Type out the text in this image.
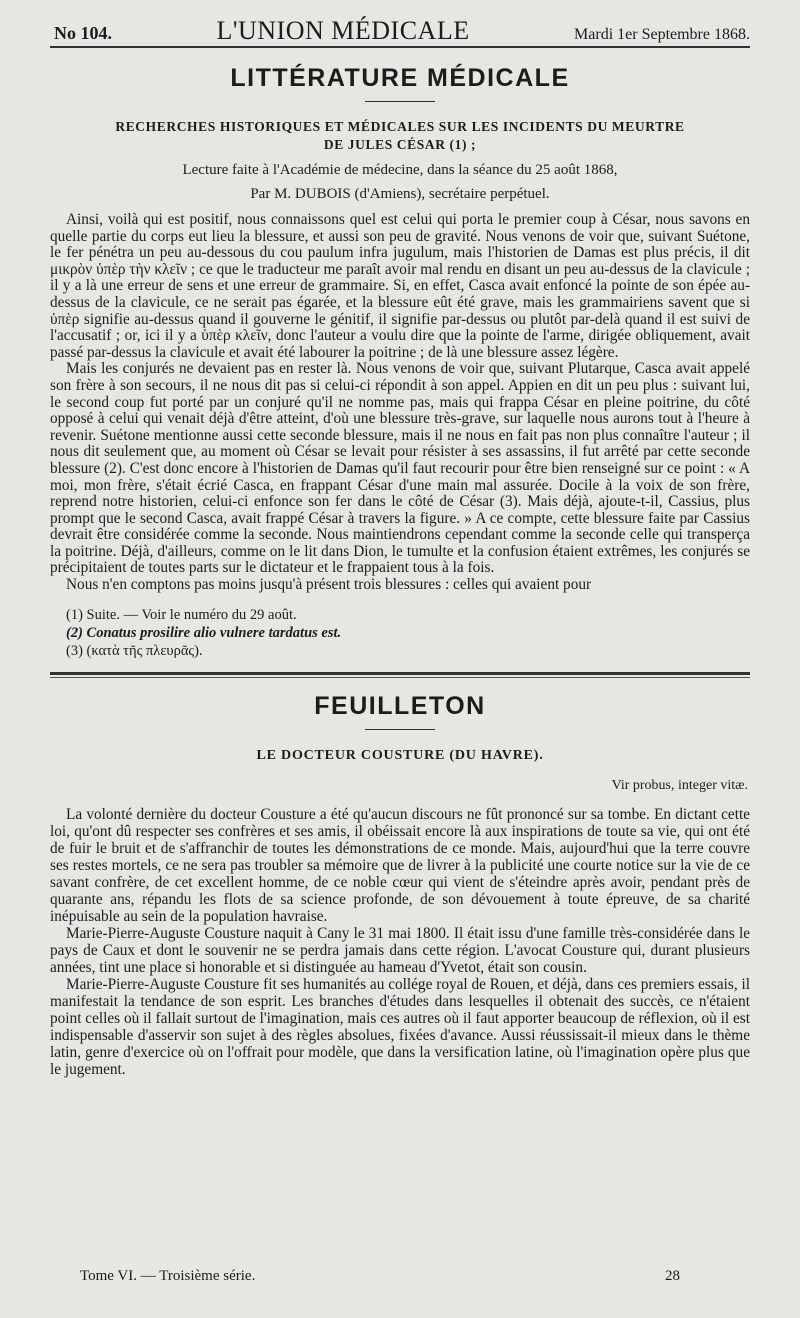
No 104.	L'UNION MÉDICALE	Mardi 1er Septembre 1868.
LITTÉRATURE MÉDICALE
RECHERCHES HISTORIQUES ET MÉDICALES SUR LES INCIDENTS DU MEURTRE
DE JULES CÉSAR (1) ;
Lecture faite à l'Académie de médecine, dans la séance du 25 août 1868,
Par M. DUBOIS (d'Amiens), secrétaire perpétuel.

Ainsi, voilà qui est positif, nous connaissons quel est celui qui porta le premier coup à César, nous savons en quelle partie du corps eut lieu la blessure, et aussi son peu de gravité. Nous venons de voir que, suivant Suétone, le fer pénétra un peu au-dessous du cou paulum infra jugulum, mais l'historien de Damas est plus précis, il dit μικρὸν ὑπὲρ τὴν κλεῖν ; ce que le traducteur me paraît avoir mal rendu en disant un peu au-dessus de la clavicule ; il y a là une erreur de sens et une erreur de grammaire. Si, en effet, Casca avait enfoncé la pointe de son épée au-dessus de la clavicule, ce ne serait pas égarée, et la blessure eût été grave, mais les grammairiens savent que si ὑπὲρ signifie au-dessus quand il gouverne le génitif, il signifie par-dessus ou plutôt par-delà quand il est suivi de l'accusatif ; or, ici il y a ὑπὲρ κλεῖν, donc l'auteur a voulu dire que la pointe de l'arme, dirigée obliquement, avait passé par-dessus la clavicule et avait été labourer la poitrine ; de là une blessure assez légère.

Mais les conjurés ne devaient pas en rester là. Nous venons de voir que, suivant Plutarque, Casca avait appelé son frère à son secours, il ne nous dit pas si celui-ci répondit à son appel. Appien en dit un peu plus : suivant lui, le second coup fut porté par un conjuré qu'il ne nomme pas, mais qui frappa César en pleine poitrine, du côté opposé à celui qui venait déjà d'être atteint, d'où une blessure très-grave, sur laquelle nous aurons tout à l'heure à revenir. Suétone mentionne aussi cette seconde blessure, mais il ne nous en fait pas non plus connaître l'auteur ; il nous dit seulement que, au moment où César se levait pour résister à ses assassins, il fut arrêté par cette seconde blessure (2). C'est donc encore à l'historien de Damas qu'il faut recourir pour être bien renseigné sur ce point : « A moi, mon frère, s'était écrié Casca, en frappant César d'une main mal assurée. Docile à la voix de son frère, reprend notre historien, celui-ci enfonce son fer dans le côté de César (3). Mais déjà, ajoute-t-il, Cassius, plus prompt que le second Casca, avait frappé César à travers la figure. » A ce compte, cette blessure faite par Cassius devrait être considérée comme la seconde. Nous maintiendrons cependant comme la seconde celle qui transperça la poitrine. Déjà, d'ailleurs, comme on le lit dans Dion, le tumulte et la confusion étaient extrêmes, les conjurés se précipitaient de toutes parts sur le dictateur et le frappaient tous à la fois.

Nous n'en comptons pas moins jusqu'à présent trois blessures : celles qui avaient pour

(1) Suite. — Voir le numéro du 29 août.
(2) Conatus prosilire alio vulnere tardatus est.
(3) (κατὰ τῆς πλευρᾶς).
FEUILLETON
LE DOCTEUR COUSTURE (DU HAVRE).
Vir probus, integer vitæ.

La volonté dernière du docteur Cousture a été qu'aucun discours ne fût prononcé sur sa tombe. En dictant cette loi, qu'ont dû respecter ses confrères et ses amis, il obéissait encore là aux inspirations de toute sa vie, qui ont été de fuir le bruit et de s'affranchir de toutes les démonstrations de ce monde. Mais, aujourd'hui que la terre couvre ses restes mortels, ce ne sera pas troubler sa mémoire que de livrer à la publicité une courte notice sur la vie de ce savant confrère, de cet excellent homme, de ce noble cœur qui vient de s'éteindre après avoir, pendant près de quarante ans, répandu les flots de sa science profonde, de son dévouement à toute épreuve, de sa charité inépuisable au sein de la population havraise.

Marie-Pierre-Auguste Cousture naquit à Cany le 31 mai 1800. Il était issu d'une famille très-considérée dans le pays de Caux et dont le souvenir ne se perdra jamais dans cette région. L'avocat Cousture qui, durant plusieurs années, tint une place si honorable et si distinguée au hameau d'Yvetot, était son cousin.

Marie-Pierre-Auguste Cousture fit ses humanités au collége royal de Rouen, et déjà, dans ces premiers essais, il manifestait la tendance de son esprit. Les branches d'études dans lesquelles il obtenait des succès, ce n'étaient point celles où il fallait surtout de l'imagination, mais ces autres où il faut apporter beaucoup de réflexion, où il est indispensable d'asservir son sujet à des règles absolues, fixées d'avance. Aussi réussissait-il mieux dans le thème latin, genre d'exercice où on l'offrait pour modèle, que dans la versification latine, où l'imagination opère plus que le jugement.

Tome VI. — Troisième série.	28
